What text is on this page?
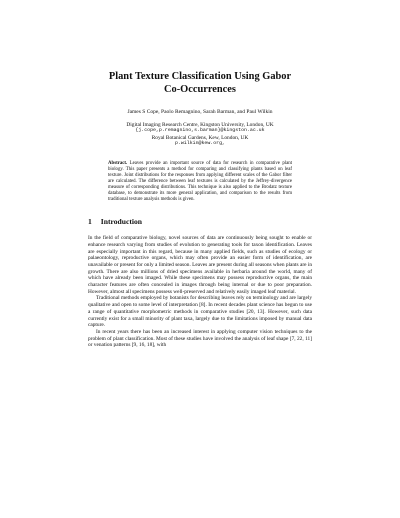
Plant Texture Classification Using Gabor
Co-Occurrences
James S Cope, Paolo Remagnino, Sarah Barman, and Paul Wilkin
Digital Imaging Research Centre, Kingston University, London, UK
{j.cope,p.remagnino,s.barman}@kingston.ac.uk
Royal Botanical Gardens, Kew, London, UK
p.wilkin@kew.org,
Abstract. Leaves provide an important source of data for research in comparative plant biology. This paper presents a method for comparing and classifying plants based on leaf texture. Joint distributions for the responses from applying different scales of the Gabor filter are calculated. The difference between leaf textures is calculated by the Jeffrey-divergence measure of corresponding distributions. This technique is also applied to the Brodatz texture database, to demonstrate its more general application, and comparison to the results from traditional texture analysis methods is given.
1 Introduction

In the field of comparative biology, novel sources of data are continuously being sought to enable or enhance research varying from studies of evolution to generating tools for taxon identification. Leaves are especially important in this regard, because in many applied fields, such as studies of ecology or palaeontology, reproductive organs, which may often provide an easier form of identification, are unavailable or present for only a limited season. Leaves are present during all seasons when plants are in growth. There are also millions of dried specimens available in herbaria around the world, many of which have already been imaged. While these specimens may possess reproductive organs, the main character features are often concealed in images through being internal or due to poor preparation. However, almost all specimens possess well-preserved and relatively easily imaged leaf material.

Traditional methods employed by botanists for describing leaves rely on terminology and are largely qualitative and open to some level of interpretation [8]. In recent decades plant science has begun to use a range of quantitative morphometric methods in comparative studies [20, 13]. However, such data currently exist for a small minority of plant taxa, largely due to the limitations imposed by manual data capture.

In recent years there has been an increased interest in applying computer vision techniques to the problem of plant classification. Most of these studies have involved the analysis of leaf shape [7, 22, 11] or venation patterns [9, 16, 18], with
